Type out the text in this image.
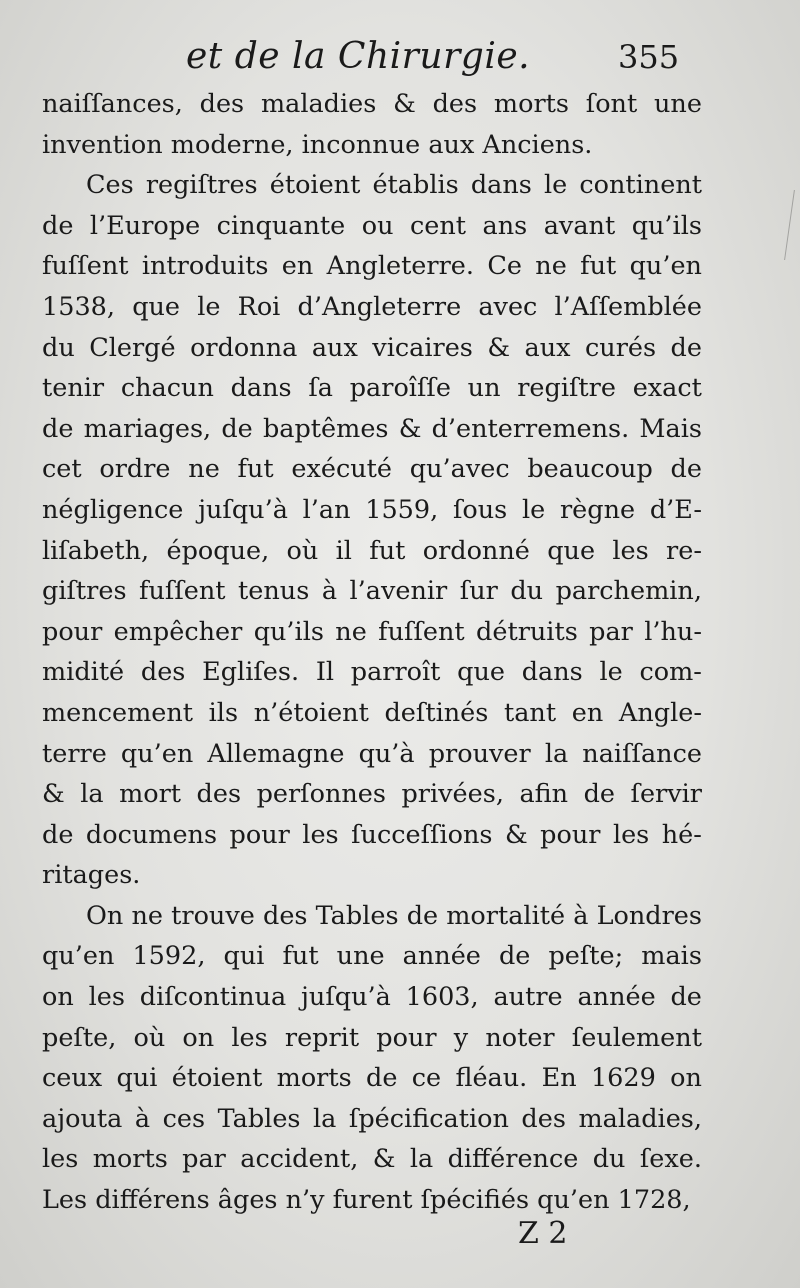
et de la Chirurgie.	355
naiſſances, des maladies & des morts ſont une
invention moderne, inconnue aux Anciens.
Ces regiſtres étoient établis dans le continent
de l’Europe cinquante ou cent ans avant qu’ils
fuſſent introduits en Angleterre. Ce ne fut qu’en
1538, que le Roi d’Angleterre avec l’Aſſemblée
du Clergé ordonna aux vicaires & aux curés de
tenir chacun dans ſa paroîſſe un regiſtre exact
de mariages, de baptêmes & d’enterremens. Mais
cet ordre ne fut exécuté qu’avec beaucoup de
négligence juſqu’à l’an 1559, ſous le règne d’E-
liſabeth, époque, où il fut ordonné que les re-
giſtres fuſſent tenus à l’avenir ſur du parchemin,
pour empêcher qu’ils ne fuſſent détruits par l’hu-
midité des Egliſes. Il parroît que dans le com-
mencement ils n’étoient deſtinés tant en Angle-
terre qu’en Allemagne qu’à prouver la naiſſance
& la mort des perſonnes privées, afin de ſervir
de documens pour les ſucceſſions & pour les hé-
ritages.
On ne trouve des Tables de mortalité à Londres
qu’en 1592, qui fut une année de peſte; mais
on les diſcontinua juſqu’à 1603, autre année de
peſte, où on les reprit pour y noter ſeulement
ceux qui étoient morts de ce fléau. En 1629 on
ajouta à ces Tables la ſpécification des maladies,
les morts par accident, & la différence du ſexe.
Les différens âges n’y furent ſpécifiés qu’en 1728,
Z 2
